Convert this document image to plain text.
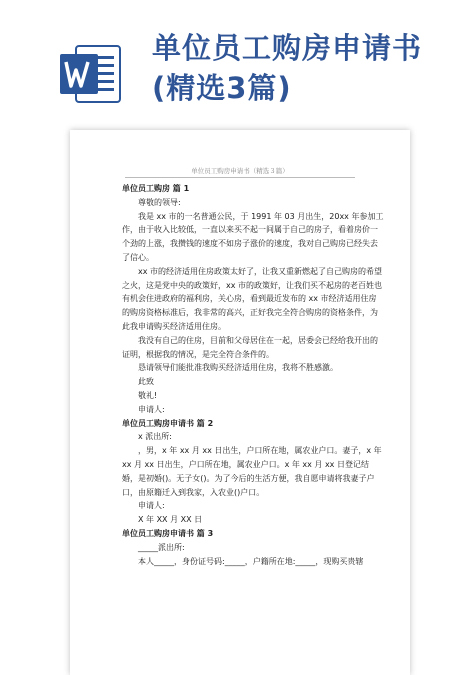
单位员工购房申请书(精选3篇)
单位员工购房申请书（精选３篇）

单位员工购房 篇 1

尊敬的领导:

我是 xx 市的一名普通公民，于 1991 年 03 月出生，20xx 年参加工作，由于收入比较低，一直以来买不起一间属于自己的房子，看着房价一个劲的上涨，我攒钱的速度不如房子涨价的速度，我对自己购房已经失去了信心。

xx 市的经济适用住房政策太好了，让我又重新燃起了自己购房的希望之火，这是党中央的政策好，xx 市的政策好，让我们买不起房的老百姓也有机会住进政府的福利房，关心房，看到最近发布的 xx 市经济适用住房的购房资格标准后，我非常的高兴，正好我完全符合购房的资格条件，为此我申请购买经济适用住房。

我没有自己的住房，目前和父母居住在一起，居委会已经给我开出的证明，根据我的情况，是完全符合条件的。

恳请领导们能批准我购买经济适用住房，我将不胜感激。

此致

敬礼!

申请人:

单位员工购房申请书 篇 2

x 派出所:

，男，x 年 xx 月 xx 日出生，户口所在地，属农业户口。妻子，x 年 xx 月 xx 日出生，户口所在地，属农业户口。x 年 xx 月 xx 日登记结婚，是初婚()。无子女()。为了今后的生活方便，我自愿申请将我妻子户口，由原籍迁入到我家，入农业()户口。

申请人:

X 年 XX 月 XX 日

单位员工购房申请书 篇 3

_____派出所:

本人_____，身份证号码:_____，户籍所在地:_____，现购买贵辖
